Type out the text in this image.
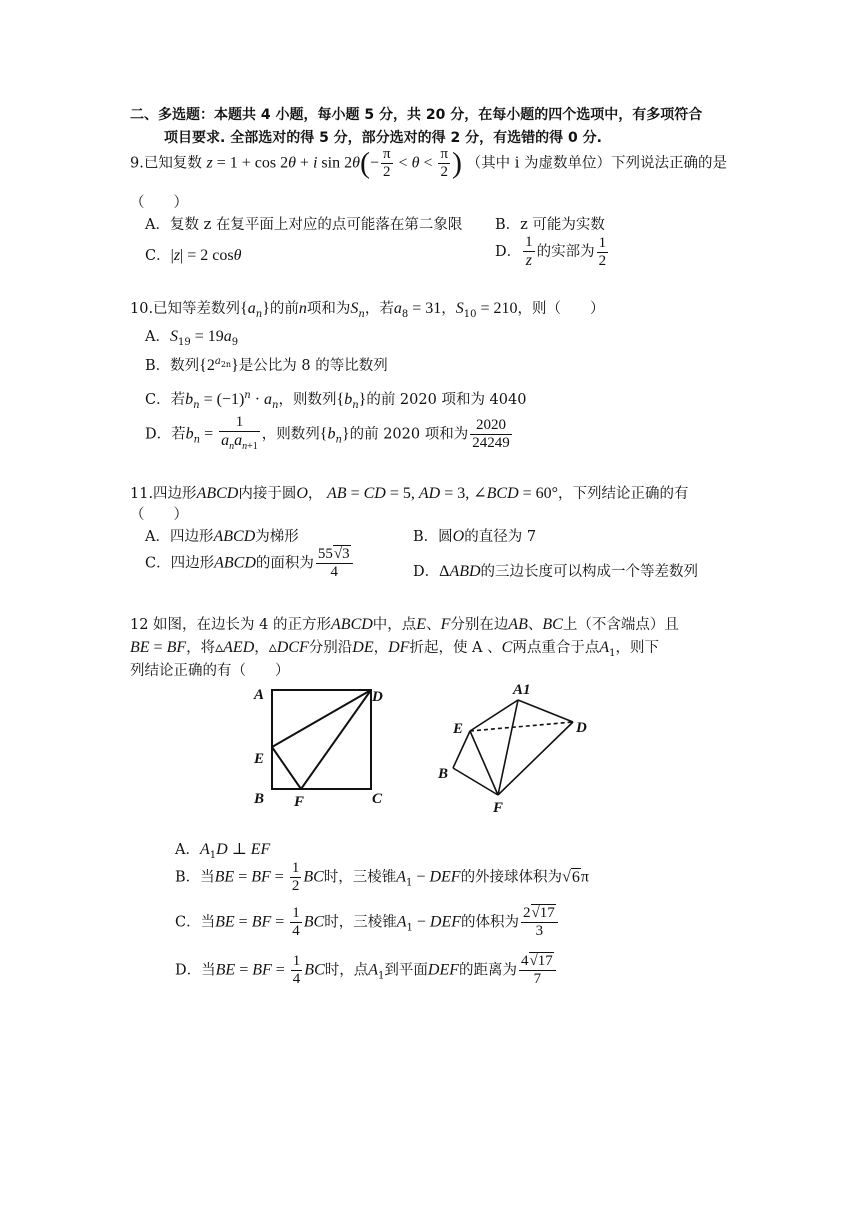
二、多选题：本题共 4 小题，每小题 5 分，共 20 分，在每小题的四个选项中，有多项符合
项目要求. 全部选对的得 5 分，部分选对的得 2 分，有选错的得 0 分.
9.已知复数 z = 1 + cos 2θ + i $\sin 2\theta(- \frac{\pi}{2} < \theta < \frac{\pi}{2}$ ) （其中 i 为虚数单位）下列说法正确的是
（　　）
A．复数 z 在复平面上对应的点可能落在第二象限 B．z 可能为实数
C．|z| = 2 cosθ	D． $\frac{1}{z}$ 的实部为 $\frac{1}{2}$
10.已知等差数列$\{a_n\}$的前n项和为$S_n$，若$a_8 = 31$，$S_{10} = 210$，则（　　）
A．$S_{19} = 19a_9$
B．数列$\{2^{a_{2n}}\}$是公比为 8 的等比数列
C．若$b_n = (-1)^n \cdot a_n$，则数列$\{b_n\}$的前 2020 项和为 4040
D．若$b_n = \frac{1}{a_na_{n+1}}$ ，则数列$\{b_n\}$的前 2020 项和为 $\frac{2020}{24249}$
11.四边形ABCD内接于圆O， AB = CD = 5, AD = 3, ∠BCD = 60°，下列结论正确的有
（　　）
A．四边形ABCD为梯形	B．圆O的直径为 7
C．四边形ABCD的面积为 $\frac{55√3}{4}$	D．ΔABD的三边长度可以构成一个等差数列
12 如图，在边长为 4 的正方形ABCD中，点E、F分别在边AB、BC上（不含端点）且
BE = BF，将▵AED，▵DCF分别沿DE，DF折起，使 A 、C两点重合于点$A_1$，则下
列结论正确的有（　　）
A	D
E
B F	C
A1
E	D
B
F
A．$A_1D$ ⊥ EF
B．当BE = BF = $\frac{1}{2}$ BC时，三棱锥$A_1$ − DEF的外接球体积为√6π
C．当BE = BF = $\frac{1}{4}$ BC时，三棱锥$A_1$ − DEF的体积为 $\frac{2√17}{3}$
D．当BE = BF = $\frac{1}{4}$ BC时，点$A_1$到平面DEF的距离为 $\frac{4√17}{7}$
